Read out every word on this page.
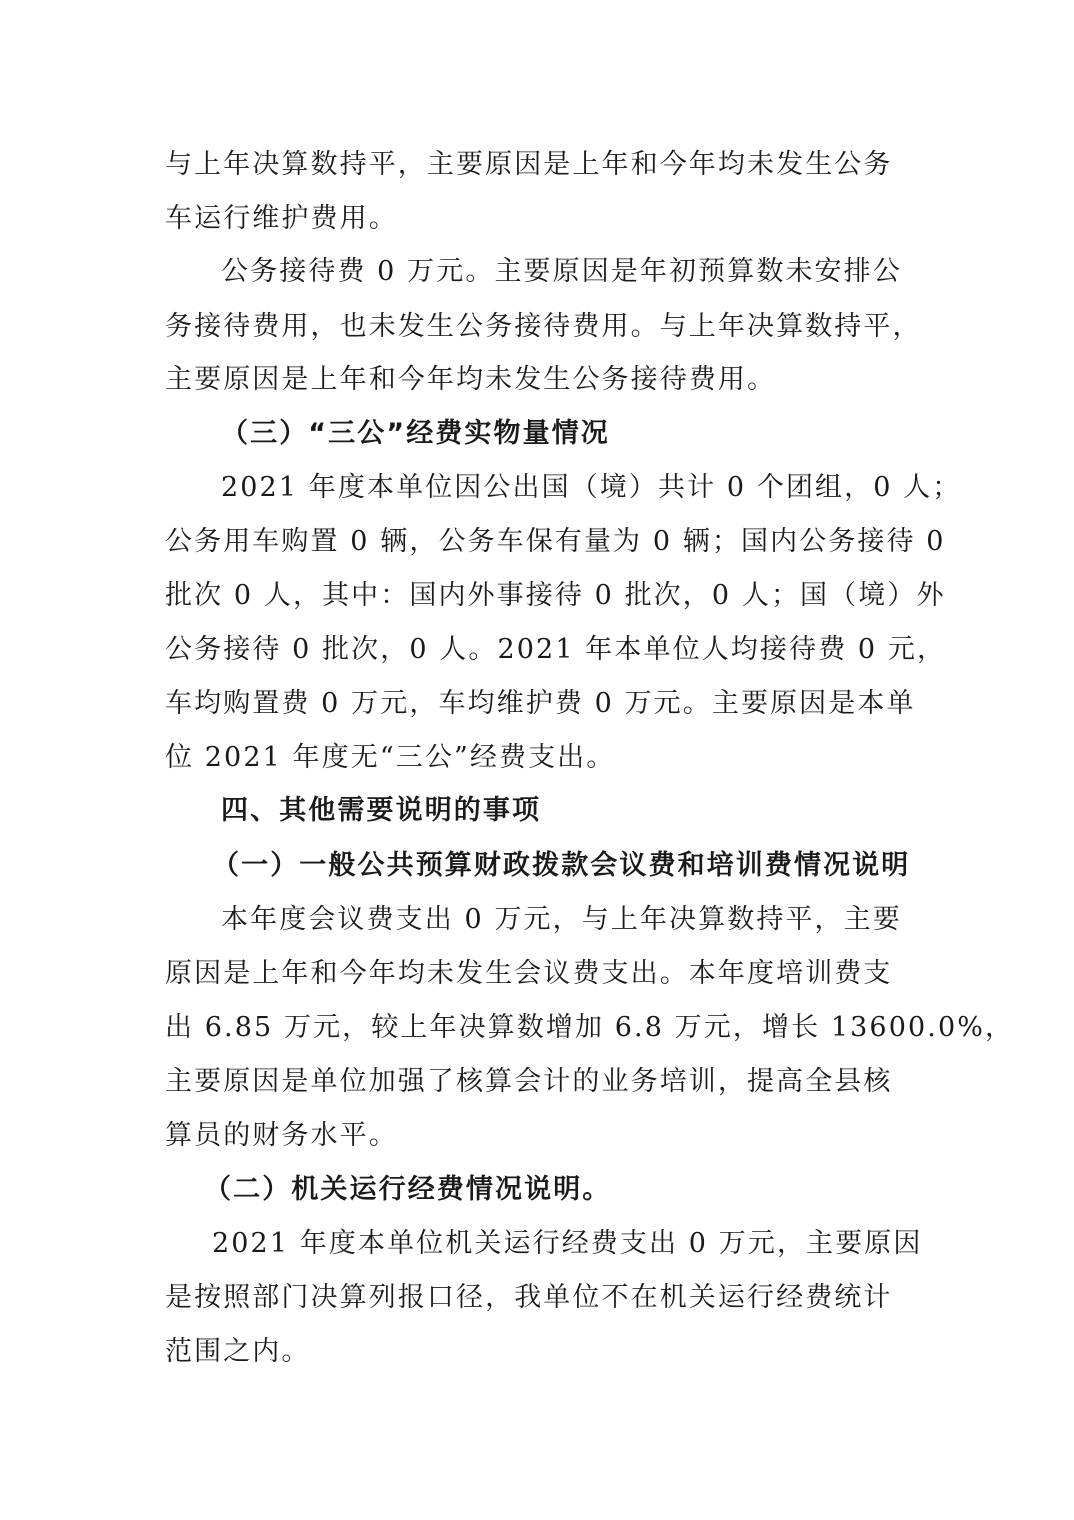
与上年决算数持平，主要原因是上年和今年均未发生公务
车运行维护费用。
公务接待费 0 万元。主要原因是年初预算数未安排公
务接待费用，也未发生公务接待费用。与上年决算数持平，
主要原因是上年和今年均未发生公务接待费用。
（三）“三公”经费实物量情况
2021 年度本单位因公出国（境）共计 0 个团组，0 人；
公务用车购置 0 辆，公务车保有量为 0 辆；国内公务接待 0
批次 0 人，其中：国内外事接待 0 批次，0 人；国（境）外
公务接待 0 批次，0 人。2021 年本单位人均接待费 0 元，
车均购置费 0 万元，车均维护费 0 万元。主要原因是本单
位 2021 年度无“三公”经费支出。
四、其他需要说明的事项
（一）一般公共预算财政拨款会议费和培训费情况说明
本年度会议费支出 0 万元，与上年决算数持平，主要
原因是上年和今年均未发生会议费支出。本年度培训费支
出 6.85 万元，较上年决算数增加 6.8 万元，增长 13600.0%，
主要原因是单位加强了核算会计的业务培训，提高全县核
算员的财务水平。
（二）机关运行经费情况说明。
2021 年度本单位机关运行经费支出 0 万元，主要原因
是按照部门决算列报口径，我单位不在机关运行经费统计
范围之内。
